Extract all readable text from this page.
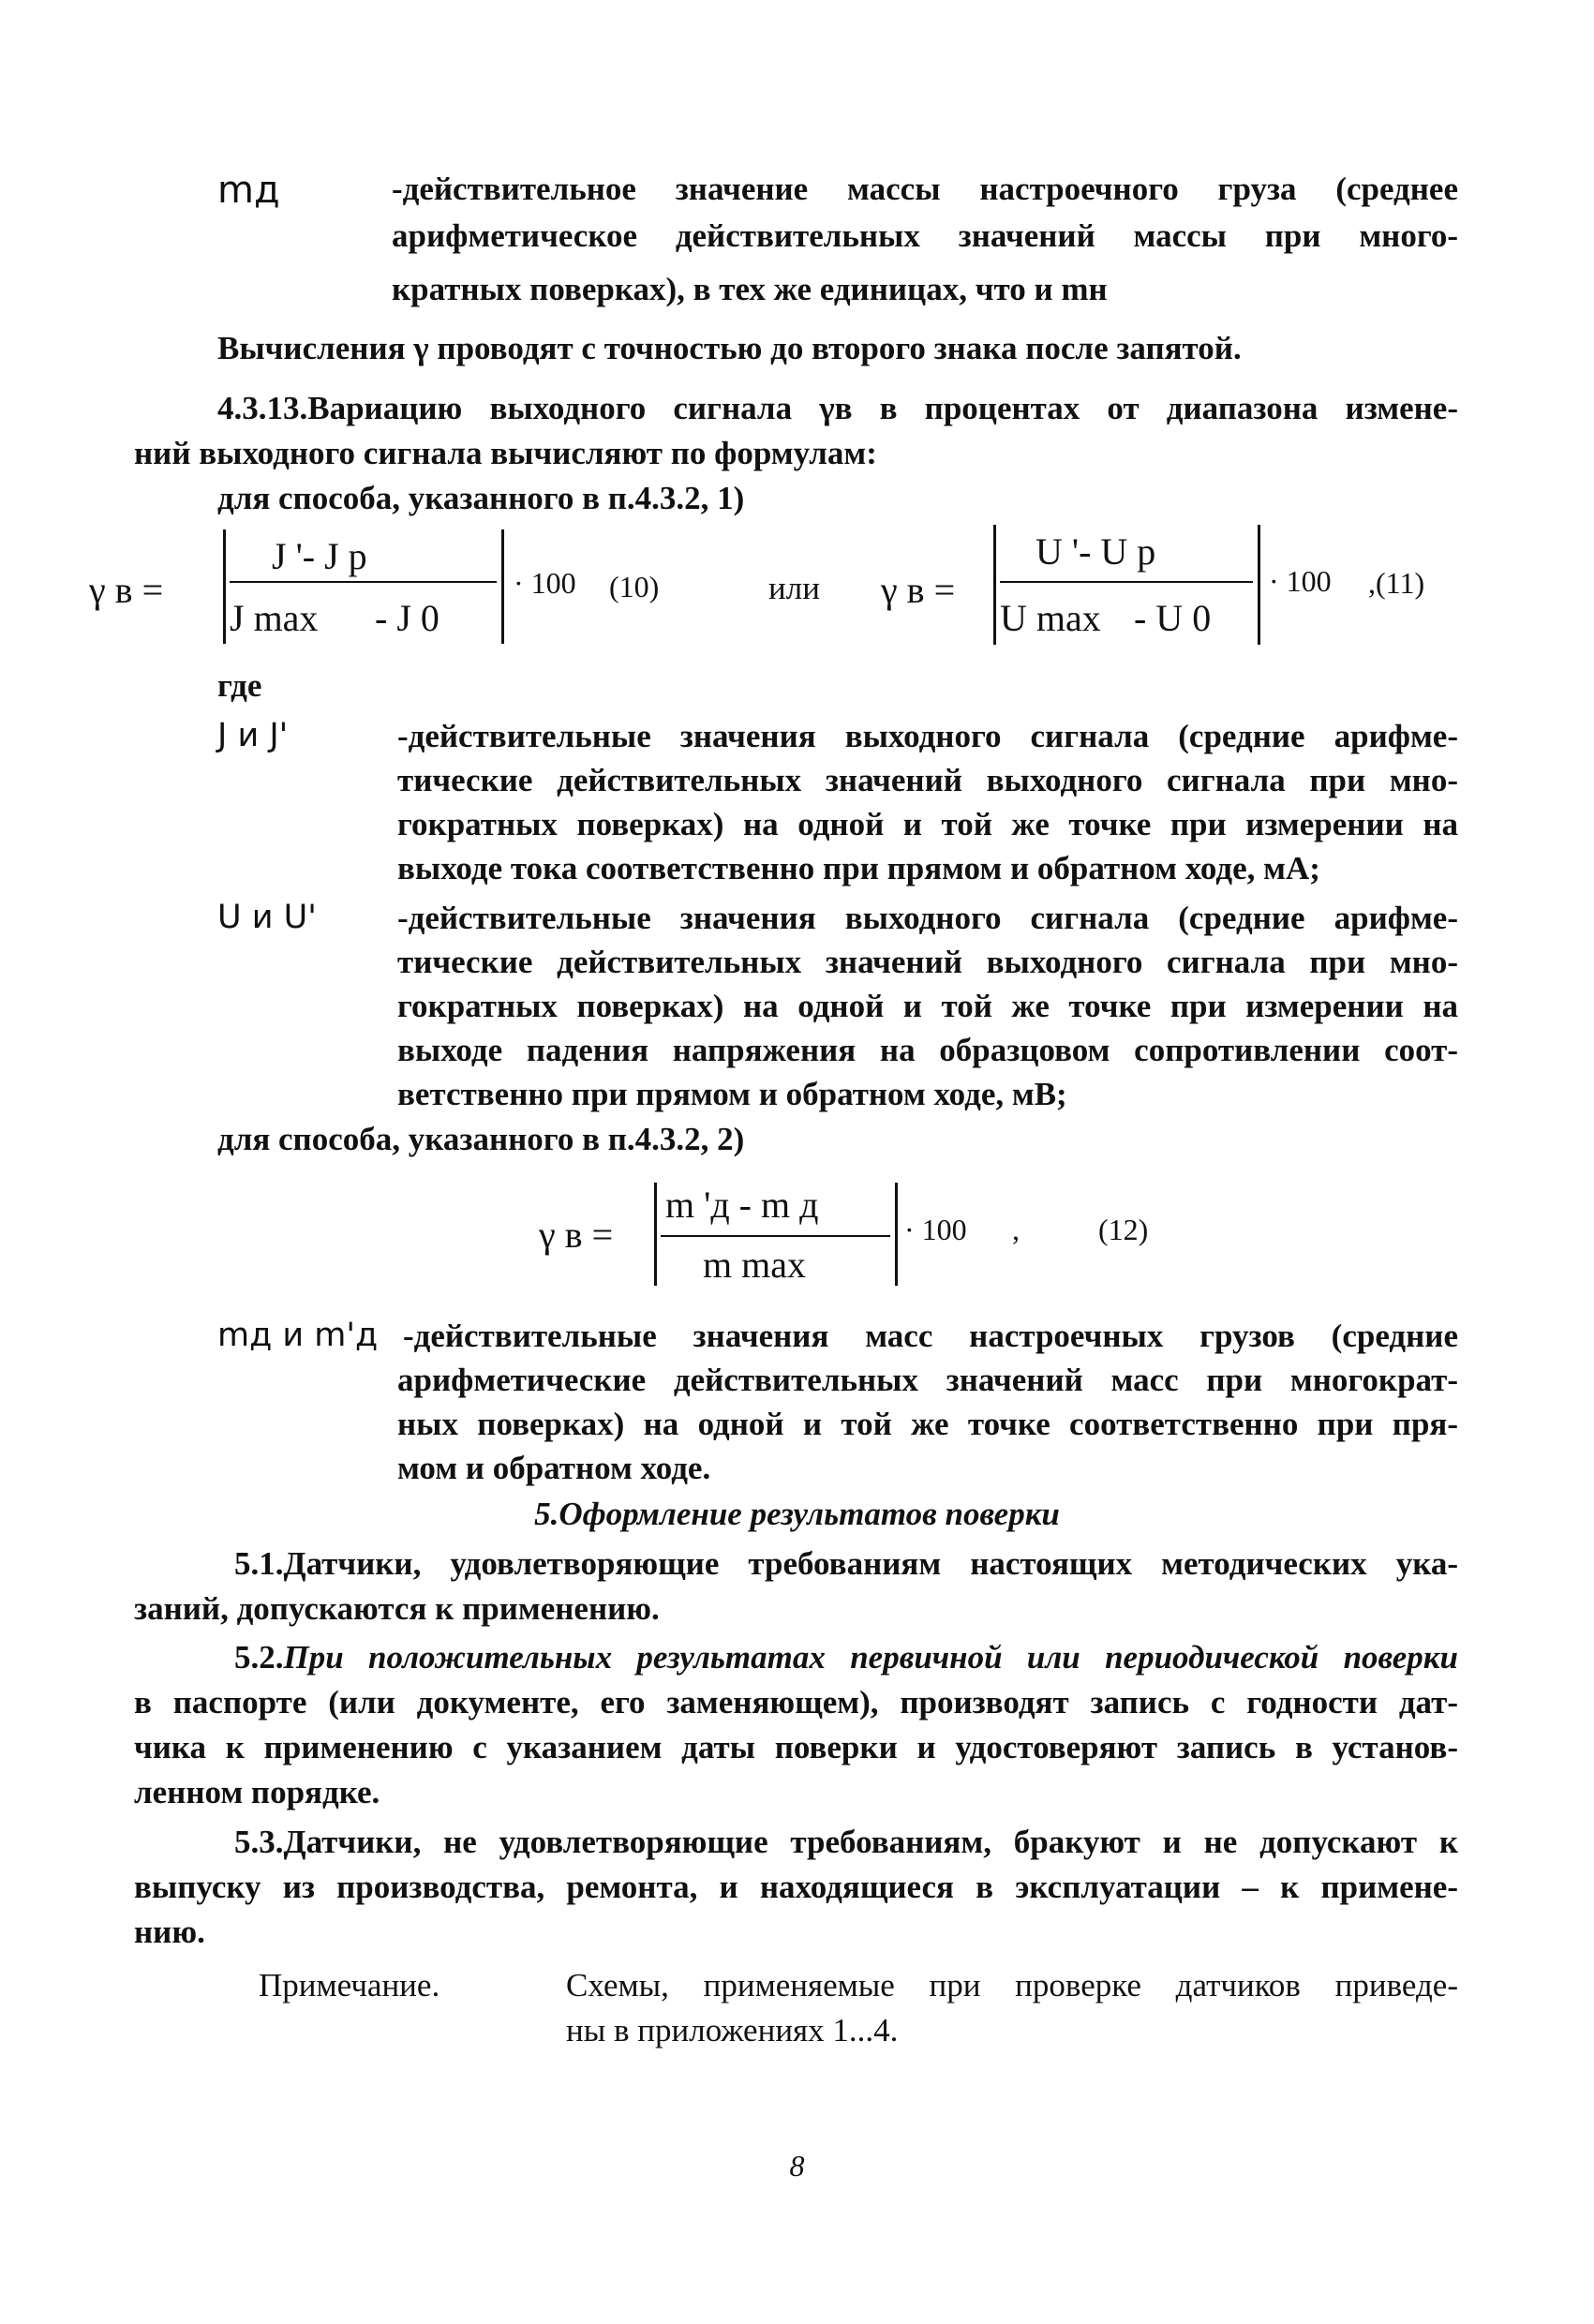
mд	-действительное значение массы настроечного груза (среднее
арифметическое действительных значений массы при много-
кратных поверках), в тех же единицах, что и mн
Вычисления γ проводят с точностью до второго знака после запятой.
4.3.13.Вариацию выходного сигнала γв в процентах от диапазона измене-
ний выходного сигнала вычисляют по формулам:
для способа, указанного в п.4.3.2, 1)
γ в =
J '- J р
J max - J 0
· 100 (10)	или γ в =
U '- U р
U max - U 0
· 100 ,(11)
где
J и J'	-действительные значения выходного сигнала (средние арифме-
тические действительных значений выходного сигнала при мно-
гократных поверках) на одной и той же точке при измерении на
выходе тока соответственно при прямом и обратном ходе, мА;
U и U' -действительные значения выходного сигнала (средние арифме-
тические действительных значений выходного сигнала при мно-
гократных поверках) на одной и той же точке при измерении на
выходе падения напряжения на образцовом сопротивлении соот-
ветственно при прямом и обратном ходе, мВ;
для способа, указанного в п.4.3.2, 2)
γ в =
m 'д - m д
m max
· 100 ,	(12)
mд и m'д -действительные значения масс настроечных грузов (средние
арифметические действительных значений масс при многократ-
ных поверках) на одной и той же точке соответственно при пря-
мом и обратном ходе.
5.Оформление результатов поверки
5.1.Датчики, удовлетворяющие требованиям настоящих методических ука-
заний, допускаются к применению.
5.2. При положительных результатах первичной или периодической поверки
в паспорте (или документе, его заменяющем), производят запись с годности дат-
чика к применению с указанием даты поверки и удостоверяют запись в установ-
ленном порядке.
5.3.Датчики, не удовлетворяющие требованиям, бракуют и не допускают к
выпуску из производства, ремонта, и находящиеся в эксплуатации – к примене-
нию.
Примечание.	Схемы, применяемые при проверке датчиков приведе-
ны в приложениях 1...4.
8
